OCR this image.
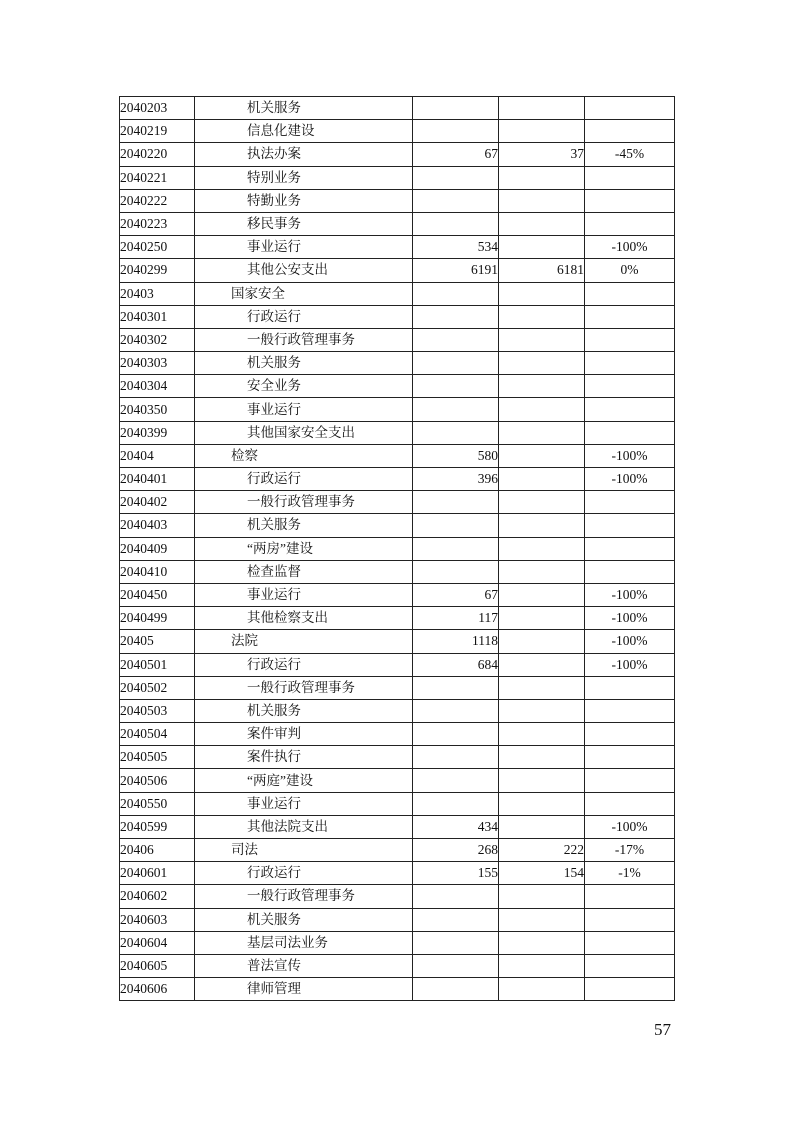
2040203	机关服务			
2040219	信息化建设			
2040220	执法办案	67	37	-45%
2040221	特别业务			
2040222	特勤业务			
2040223	移民事务			
2040250	事业运行	534		-100%
2040299	其他公安支出	6191	6181	0%
20403	国家安全			
2040301	行政运行			
2040302	一般行政管理事务			
2040303	机关服务			
2040304	安全业务			
2040350	事业运行			
2040399	其他国家安全支出			
20404	检察	580		-100%
2040401	行政运行	396		-100%
2040402	一般行政管理事务			
2040403	机关服务			
2040409	“两房”建设			
2040410	检查监督			
2040450	事业运行	67		-100%
2040499	其他检察支出	117		-100%
20405	法院	1118		-100%
2040501	行政运行	684		-100%
2040502	一般行政管理事务			
2040503	机关服务			
2040504	案件审判			
2040505	案件执行			
2040506	“两庭”建设			
2040550	事业运行			
2040599	其他法院支出	434		-100%
20406	司法	268	222	-17%
2040601	行政运行	155	154	-1%
2040602	一般行政管理事务			
2040603	机关服务			
2040604	基层司法业务			
2040605	普法宣传			
2040606	律师管理			
57
